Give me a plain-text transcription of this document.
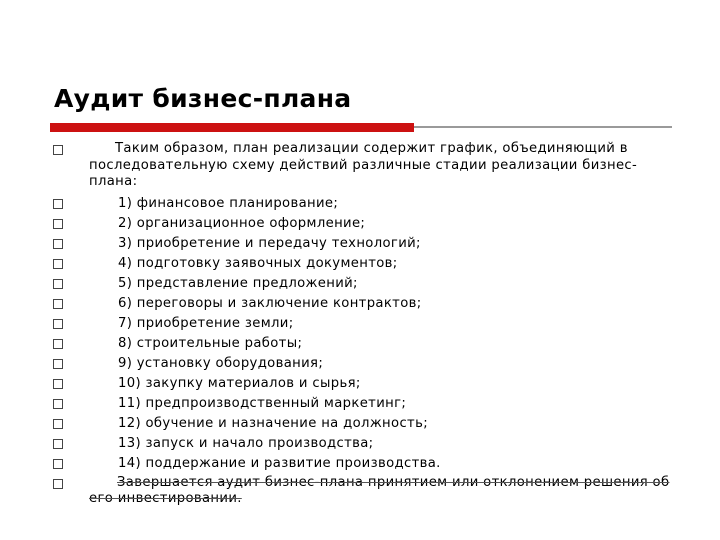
Аудит бизнес-плана
Таким образом, план реализации содержит график, объединяющий в последовательную схему действий различные стадии реализации бизнес-плана:
1) финансовое планирование;
2) организационное оформление;
3) приобретение и передачу технологий;
4) подготовку заявочных документов;
5) представление предложений;
6) переговоры и заключение контрактов;
7) приобретение земли;
8) строительные работы;
9) установку оборудования;
10) закупку материалов и сырья;
11) предпроизводственный маркетинг;
12) обучение и назначение на должность;
13) запуск и начало производства;
14) поддержание и развитие производства.
Завершается аудит бизнес-плана принятием или отклонением решения об его инвестировании.
